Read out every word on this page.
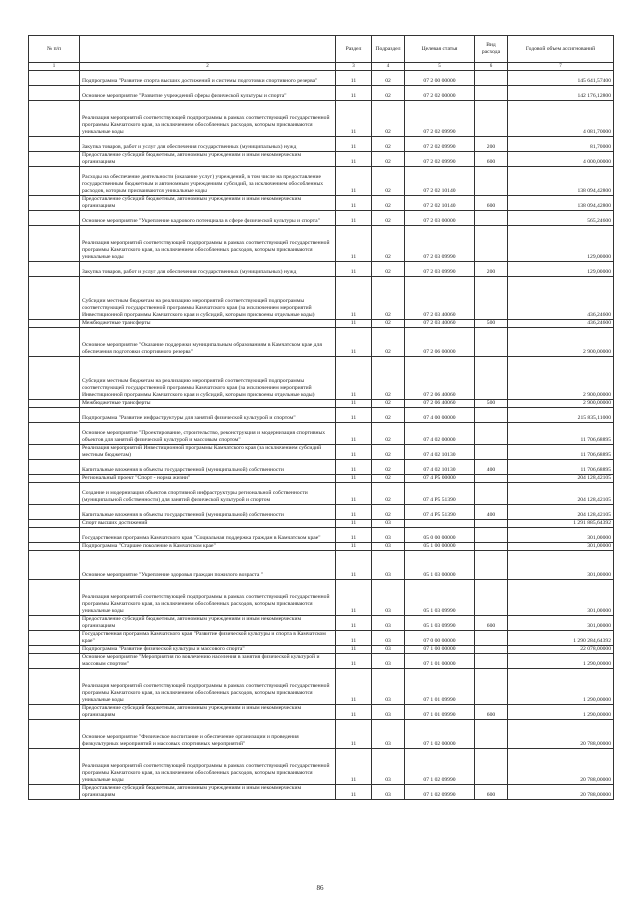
№ п/п		Раздел	Подраздел	Целевая статья	Вид расхода	Годовой объем ассигнований
1	2	3	4	5	6	7
	Подпрограмма "Развитие спорта высших достижений и системы подготовки спортивного резерва"	11	02	07 2 00 00000		145 641,57400
	Основное мероприятие "Развитие учреждений сферы физической культуры и спорта"	11	02	07 2 02 00000		142 176,12800
	Реализация мероприятий соответствующей подпрограммы в рамках соответствующей государственной программы Камчатского края, за исключением обособленных расходов, которым присваиваются уникальные коды	11	02	07 2 02 09990		4 081,70000
	Закупка товаров, работ и услуг для обеспечения государственных (муниципальных) нужд	11	02	07 2 02 09990	200	81,70000
	Предоставление субсидий бюджетным, автономным учреждениям и иным некоммерческим организациям	11	02	07 2 02 09990	600	4 000,00000
	Расходы на обеспечение деятельности (оказание услуг) учреждений, в том числе на предоставление государственным бюджетным и автономным учреждениям субсидий, за исключением обособленных расходов, которым присваиваются уникальные коды	11	02	07 2 02 10140		138 094,42800
	Предоставление субсидий бюджетным, автономным учреждениям и иным некоммерческим организациям	11	02	07 2 02 10140	600	138 094,42800
	Основное мероприятие "Укрепление кадрового потенциала в сфере физической культуры и спорта"	11	02	07 2 03 00000		565,24600
	Реализация мероприятий соответствующей подпрограммы в рамках соответствующей государственной программы Камчатского края, за исключением обособленных расходов, которым присваиваются уникальные коды	11	02	07 2 03 09990		129,00000
	Закупка товаров, работ и услуг для обеспечения государственных (муниципальных) нужд	11	02	07 2 03 09990	200	129,00000
	Субсидии местным бюджетам на реализацию мероприятий соответствующей подпрограммы соответствующей государственной программы Камчатского края (за исключением мероприятий Инвестиционной программы Камчатского края и субсидий, которым присвоены отдельные коды)	11	02	07 2 03 40060		436,24600
	Межбюджетные трансферты	11	02	07 2 03 40060	500	436,24600
	Основное мероприятие "Оказание поддержки муниципальным образованиям в Камчатском крае для обеспечения подготовки спортивного резерва"	11	02	07 2 06 00000		2 900,00000
	Субсидии местным бюджетам на реализацию мероприятий соответствующей подпрограммы соответствующей государственной программы Камчатского края (за исключением мероприятий Инвестиционной программы Камчатского края и субсидий, которым присвоены отдельные коды)	11	02	07 2 06 40060		2 900,00000
	Межбюджетные трансферты	11	02	07 2 06 40060	500	2 900,00000
	Подпрограмма "Развитие инфраструктуры для занятий физической культурой и спортом"	11	02	07 4 00 00000		215 835,11000
	Основное мероприятие "Проектирование, строительство, реконструкция и модернизация спортивных объектов для занятий физической культурой и массовым спортом"	11	02	07 4 02 00000		11 706,68895
	Реализация мероприятий Инвестиционной программы Камчатского края (за исключением субсидий местным бюджетам)	11	02	07 4 02 10130		11 706,68895
	Капитальные вложения в объекты государственной (муниципальной) собственности	11	02	07 4 02 10130	400	11 706,68895
	Региональный проект "Спорт - норма жизни"	11	02	07 4 P5 00000		204 128,42105
	Создание и модернизация объектов спортивной инфраструктуры региональной собственности (муниципальной собственности) для занятий физической культурой и спортом	11	02	07 4 P5 51390		204 128,42105
	Капитальные вложения в объекты государственной (муниципальной) собственности	11	02	07 4 P5 51390	400	204 128,42105
	Спорт высших достижений	11	03			1 291 885,64392
	Государственная программа Камчатского края "Социальная поддержка граждан в Камчатском крае"	11	03	05 0 00 00000		301,00000
	Подпрограмма "Старшее поколение в Камчатском крае"	11	03	05 1 00 00000		301,00000
	Основное мероприятие "Укрепление здоровья граждан пожилого возраста "	11	03	05 1 03 00000		301,00000
	Реализация мероприятий соответствующей подпрограммы в рамках соответствующей государственной программы Камчатского края, за исключением обособленных расходов, которым присваиваются уникальные коды	11	03	05 1 03 09990		301,00000
	Предоставление субсидий бюджетным, автономным учреждениям и иным некоммерческим организациям	11	03	05 1 03 09990	600	301,00000
	Государственная программа Камчатского края "Развитие физической культуры и спорта в Камчатском крае"	11	03	07 0 00 00000		1 290 284,64392
	Подпрограмма "Развитие физической культуры и массового спорта"	11	03	07 1 00 00000		22 078,00000
	Основное мероприятие "Мероприятия по вовлечению населения в занятия физической культурой и массовым спортом"	11	03	07 1 01 00000		1 290,00000
	Реализация мероприятий соответствующей подпрограммы в рамках соответствующей государственной программы Камчатского края, за исключением обособленных расходов, которым присваиваются уникальные коды	11	03	07 1 01 09990		1 290,00000
	Предоставление субсидий бюджетным, автономным учреждениям и иным некоммерческим организациям	11	03	07 1 01 09990	600	1 290,00000
	Основное мероприятие "Физическое воспитание и обеспечение организации и проведения физкультурных мероприятий и массовых спортивных мероприятий"	11	03	07 1 02 00000		20 788,00000
	Реализация мероприятий соответствующей подпрограммы в рамках соответствующей государственной программы Камчатского края, за исключением обособленных расходов, которым присваиваются уникальные коды	11	03	07 1 02 09990		20 788,00000
	Предоставление субсидий бюджетным, автономным учреждениям и иным некоммерческим организациям	11	03	07 1 02 09990	600	20 788,00000
86
